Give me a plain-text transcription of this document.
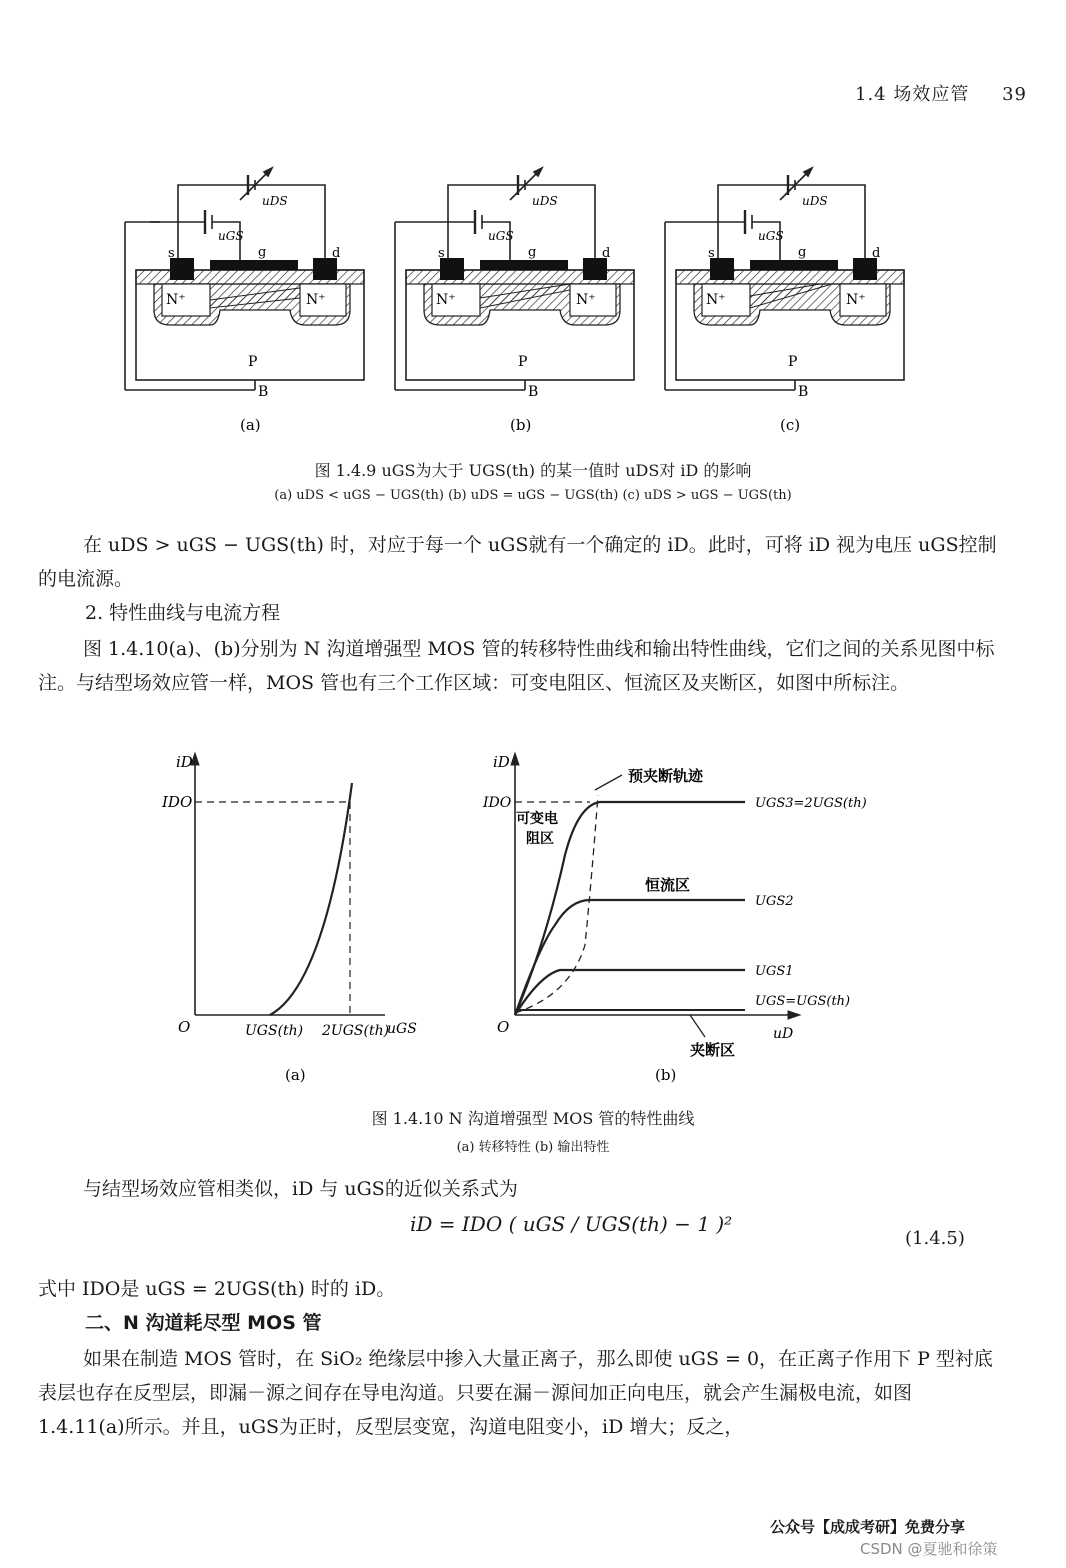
1.4 场效应管 39
N⁺	N⁺
P
B
s	g	d
uDS
uGS
(a)
N⁺	N⁺
P
B
s	g	d
uDS
uGS
(b)
N⁺	N⁺
P
B
s	g	d
uDS
uGS
(c)
图 1.4.9 uGS为大于 UGS(th) 的某一值时 uDS对 iD 的影响
(a) uDS < uGS − UGS(th) (b) uDS = uGS − UGS(th) (c) uDS > uGS − UGS(th)
在 uDS > uGS − UGS(th) 时，对应于每一个 uGS就有一个确定的 iD。此时，可将 iD 视为电压 uGS控制的电流源。
2. 特性曲线与电流方程
图 1.4.10(a)、(b)分别为 N 沟道增强型 MOS 管的转移特性曲线和输出特性曲线，它们之间的关系见图中标注。与结型场效应管一样，MOS 管也有三个工作区域：可变电阻区、恒流区及夹断区，如图中所标注。
iD
IDO
O	UGS(th) 2UGS(th)
uGS
(a)
iD
IDO
O	uD
预夹断轨迹
可变电
阻区
恒流区
夹断区
UGS3=2UGS(th)
UGS2
UGS1
UGS=UGS(th)
(b)
图 1.4.10 N 沟道增强型 MOS 管的特性曲线
(a) 转移特性 (b) 输出特性
与结型场效应管相类似，iD 与 uGS的近似关系式为
iD = IDO ( uGS / UGS(th) − 1 )²
(1.4.5)
式中 IDO是 uGS = 2UGS(th) 时的 iD。
二、N 沟道耗尽型 MOS 管
如果在制造 MOS 管时，在 SiO₂ 绝缘层中掺入大量正离子，那么即使 uGS = 0，在正离子作用下 P 型衬底表层也存在反型层，即漏－源之间存在导电沟道。只要在漏－源间加正向电压，就会产生漏极电流，如图 1.4.11(a)所示。并且，uGS为正时，反型层变宽，沟道电阻变小，iD 增大；反之，
公众号【成成考研】免费分享
CSDN @夏驰和徐策
